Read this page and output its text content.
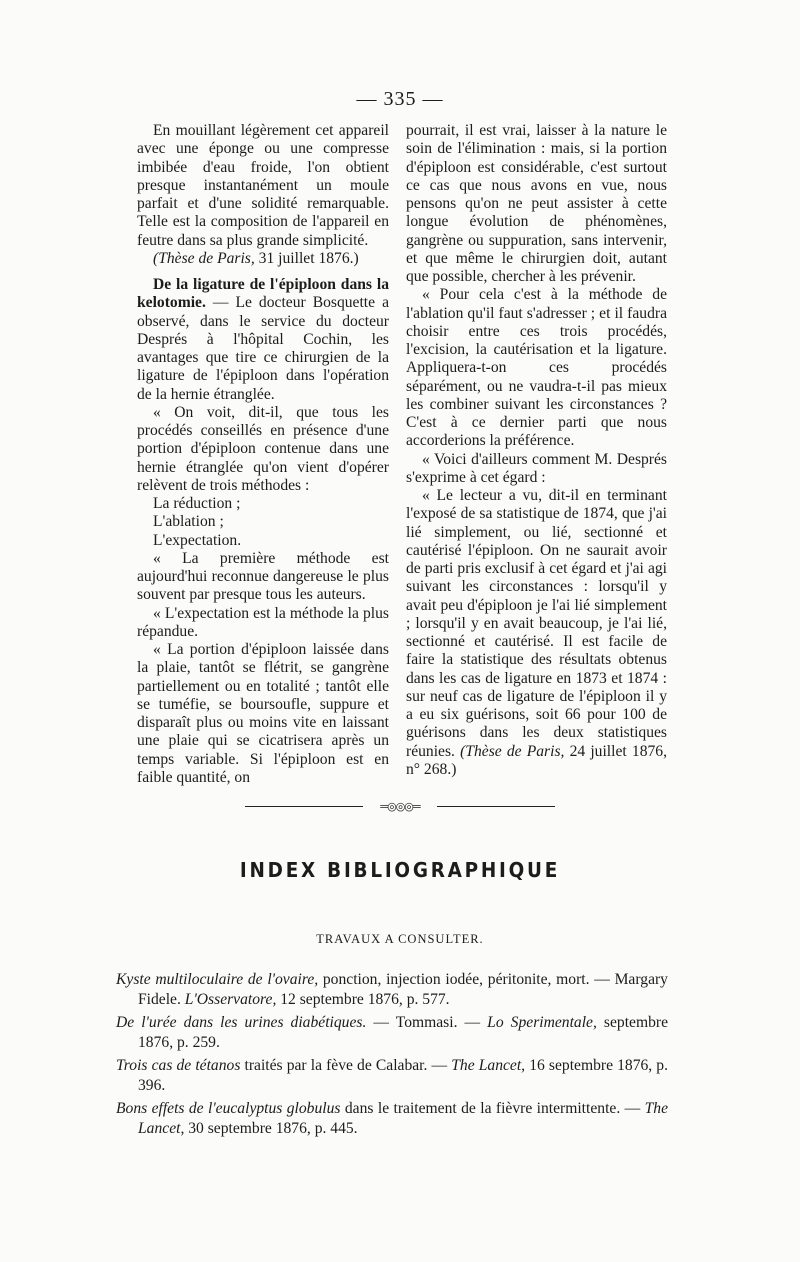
— 335 —

En mouillant légèrement cet appareil avec une éponge ou une compresse imbibée d'eau froide, l'on obtient presque instantanément un moule parfait et d'une solidité remarquable. Telle est la composition de l'appareil en feutre dans sa plus grande simplicité.

(Thèse de Paris, 31 juillet 1876.)

De la ligature de l'épiploon dans la kelotomie. — Le docteur Bosquette a observé, dans le service du docteur Després à l'hôpital Cochin, les avantages que tire ce chirurgien de la ligature de l'épiploon dans l'opération de la hernie étranglée.

« On voit, dit-il, que tous les procédés conseillés en présence d'une portion d'épiploon contenue dans une hernie étranglée qu'on vient d'opérer relèvent de trois méthodes :

La réduction ;

L'ablation ;

L'expectation.

« La première méthode est aujourd'hui reconnue dangereuse le plus souvent par presque tous les auteurs.

« L'expectation est la méthode la plus répandue.

« La portion d'épiploon laissée dans la plaie, tantôt se flétrit, se gangrène partiellement ou en totalité ; tantôt elle se tuméfie, se boursoufle, suppure et disparaît plus ou moins vite en laissant une plaie qui se cicatrisera après un temps variable. Si l'épiploon est en faible quantité, on

pourrait, il est vrai, laisser à la nature le soin de l'élimination : mais, si la portion d'épiploon est considérable, c'est surtout ce cas que nous avons en vue, nous pensons qu'on ne peut assister à cette longue évolution de phénomènes, gangrène ou suppuration, sans intervenir, et que même le chirurgien doit, autant que possible, chercher à les prévenir.

« Pour cela c'est à la méthode de l'ablation qu'il faut s'adresser ; et il faudra choisir entre ces trois procédés, l'excision, la cautérisation et la ligature. Appliquera-t-on ces procédés séparément, ou ne vaudra-t-il pas mieux les combiner suivant les circonstances ? C'est à ce dernier parti que nous accorderions la préférence.

« Voici d'ailleurs comment M. Després s'exprime à cet égard :

« Le lecteur a vu, dit-il en terminant l'exposé de sa statistique de 1874, que j'ai lié simplement, ou lié, sectionné et cautérisé l'épiploon. On ne saurait avoir de parti pris exclusif à cet égard et j'ai agi suivant les circonstances : lorsqu'il y avait peu d'épiploon je l'ai lié simplement ; lorsqu'il y en avait beaucoup, je l'ai lié, sectionné et cautérisé. Il est facile de faire la statistique des résultats obtenus dans les cas de ligature en 1873 et 1874 : sur neuf cas de ligature de l'épiploon il y a eu six guérisons, soit 66 pour 100 de guérisons dans les deux statistiques réunies. (Thèse de Paris, 24 juillet 1876, n° 268.)

═◎◎◎═
INDEX BIBLIOGRAPHIQUE
TRAVAUX A CONSULTER.

Kyste multiloculaire de l'ovaire, ponction, injection iodée, péritonite, mort. — Margary Fidele. L'Osservatore, 12 septembre 1876, p. 577.

De l'urée dans les urines diabétiques. — Tommasi. — Lo Sperimentale, septembre 1876, p. 259.

Trois cas de tétanos traités par la fève de Calabar. — The Lancet, 16 septembre 1876, p. 396.

Bons effets de l'eucalyptus globulus dans le traitement de la fièvre intermittente. — The Lancet, 30 septembre 1876, p. 445.
